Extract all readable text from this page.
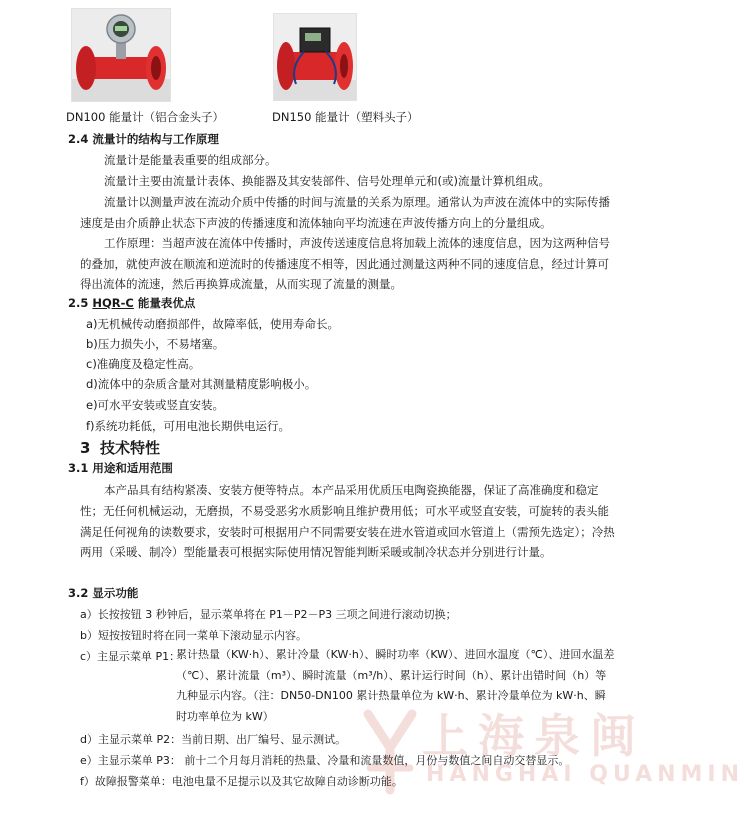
DN100 能量计（铝合金头子）	DN150 能量计（塑料头子）
2.4 流量计的结构与工作原理
流量计是能量表重要的组成部分。
流量计主要由流量计表体、换能器及其安装部件、信号处理单元和(或)流量计算机组成。
流量计以测量声波在流动介质中传播的时间与流量的关系为原理。通常认为声波在流体中的实际传播速度是由介质静止状态下声波的传播速度和流体轴向平均流速在声波传播方向上的分量组成。
工作原理：当超声波在流体中传播时，声波传送速度信息将加载上流体的速度信息，因为这两种信号的叠加，就使声波在顺流和逆流时的传播速度不相等，因此通过测量这两种不同的速度信息，经过计算可得出流体的流速，然后再换算成流量，从而实现了流量的测量。
2.5 HQR-C 能量表优点
a)无机械传动磨损部件，故障率低，使用寿命长。
b)压力损失小，不易堵塞。
c)准确度及稳定性高。
d)流体中的杂质含量对其测量精度影响极小。
e)可水平安装或竖直安装。
f)系统功耗低，可用电池长期供电运行。
3 技术特性
3.1 用途和适用范围
本产品具有结构紧凑、安装方便等特点。本产品采用优质压电陶瓷换能器，保证了高准确度和稳定性；无任何机械运动，无磨损，不易受恶劣水质影响且维护费用低；可水平或竖直安装，可旋转的表头能满足任何视角的读数要求，安装时可根据用户不同需要安装在进水管道或回水管道上（需预先选定）；冷热两用（采暖、制冷）型能量表可根据实际使用情况智能判断采暖或制冷状态并分别进行计量。
3.2 显示功能
a）长按按钮 3 秒钟后，显示菜单将在 P1－P2－P3 三项之间进行滚动切换；
b）短按按钮时将在同一菜单下滚动显示内容。
c）主显示菜单 P1：
累计热量（KW·h）、累计冷量（KW·h）、瞬时功率（KW）、进回水温度（℃）、进回水温差（℃）、累计流量（m³）、瞬时流量（m³/h）、累计运行时间（h）、累计出错时间（h）等九种显示内容。（注：DN50-DN100 累计热量单位为 kW·h、累计冷量单位为 kW·h、瞬时功率单位为 kW）
d）主显示菜单 P2：当前日期、出厂编号、显示测试。
e）主显示菜单 P3： 前十二个月每月消耗的热量、冷量和流量数值，月份与数值之间自动交替显示。
f）故障报警菜单：电池电量不足提示以及其它故障自动诊断功能。
上海泉闽
HANGHAI QUANMIN
